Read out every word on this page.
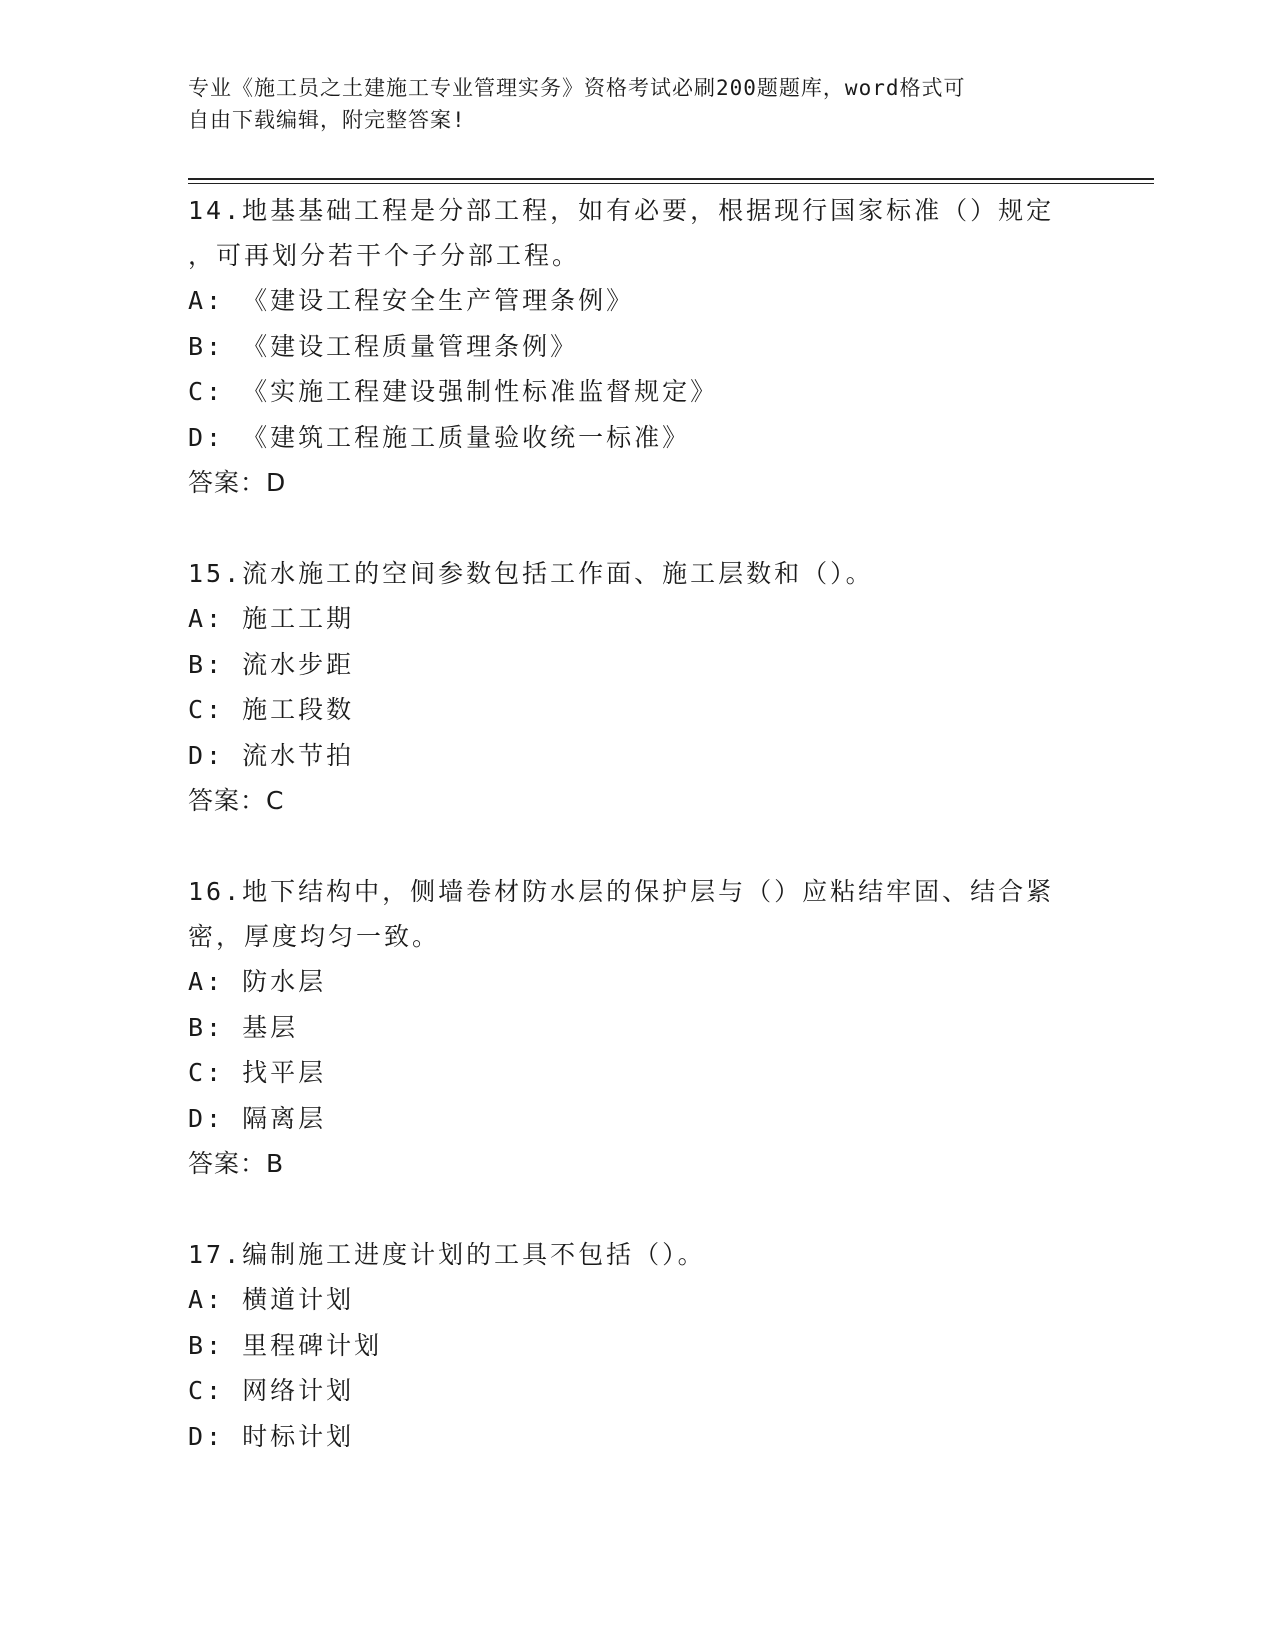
专业《施工员之土建施工专业管理实务》资格考试必刷200题题库，word格式可
自由下载编辑，附完整答案!
14.地基基础工程是分部工程，如有必要，根据现行国家标准（）规定
，可再划分若干个子分部工程。
A: 《建设工程安全生产管理条例》
B: 《建设工程质量管理条例》
C: 《实施工程建设强制性标准监督规定》
D: 《建筑工程施工质量验收统一标准》
答案：D
15.流水施工的空间参数包括工作面、施工层数和（）。
A: 施工工期
B: 流水步距
C: 施工段数
D: 流水节拍
答案：C
16.地下结构中，侧墙卷材防水层的保护层与（）应粘结牢固、结合紧
密，厚度均匀一致。
A: 防水层
B: 基层
C: 找平层
D: 隔离层
答案：B
17.编制施工进度计划的工具不包括（）。
A: 横道计划
B: 里程碑计划
C: 网络计划
D: 时标计划
